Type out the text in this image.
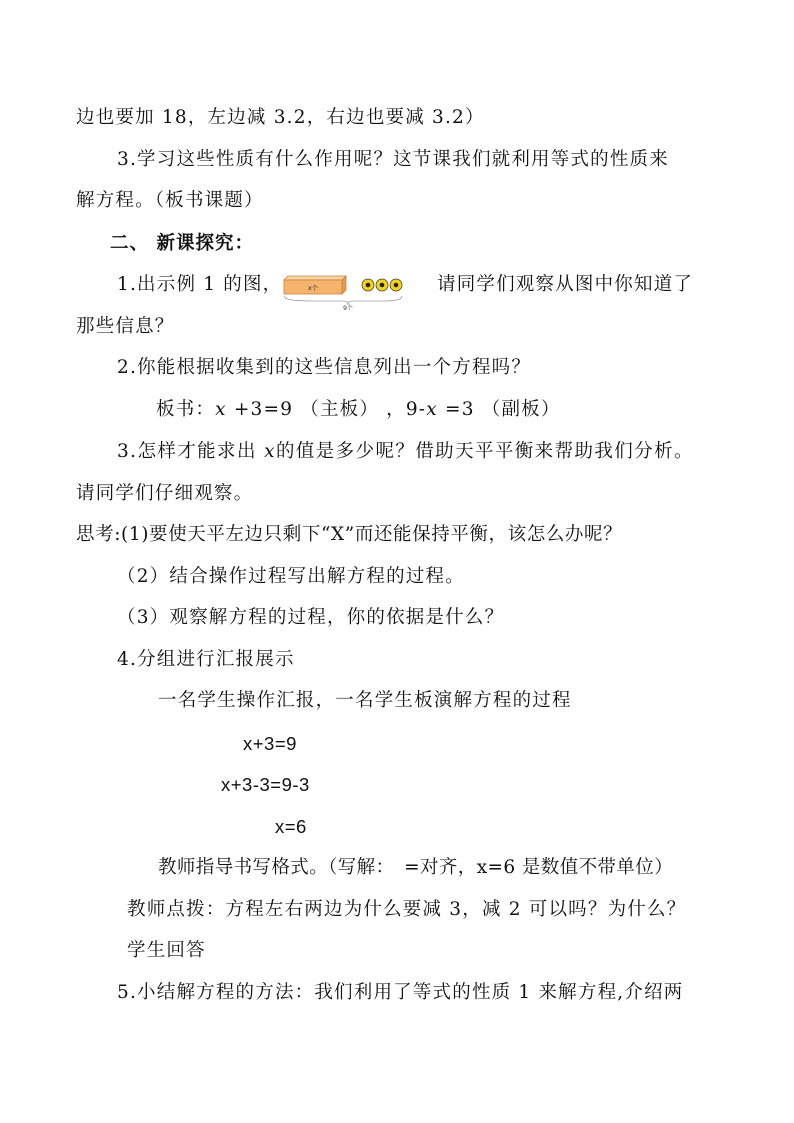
边也要加 18，左边减 3.2，右边也要减 3.2）
3.学习这些性质有什么作用呢？这节课我们就利用等式的性质来
解方程。（板书课题）
二、 新课探究：
1.出示例 1 的图，	x个
9个
请同学们观察从图中你知道了
那些信息？
2.你能根据收集到的这些信息列出一个方程吗？
板书：x +3=9 （主板） ，9-x =3 （副板）
3.怎样才能求出 x的值是多少呢？借助天平平衡来帮助我们分析。
请同学们仔细观察。
思考:(1)要使天平左边只剩下“X”而还能保持平衡，该怎么办呢？
（2）结合操作过程写出解方程的过程。
（3）观察解方程的过程，你的依据是什么？
4.分组进行汇报展示
一名学生操作汇报，一名学生板演解方程的过程
x+3=9
x+3-3=9-3
x=6
教师指导书写格式。（写解：　=对齐，x=6 是数值不带单位）
教师点拨：方程左右两边为什么要减 3，减 2 可以吗？为什么？
学生回答
5.小结解方程的方法：我们利用了等式的性质 1 来解方程,介绍两
